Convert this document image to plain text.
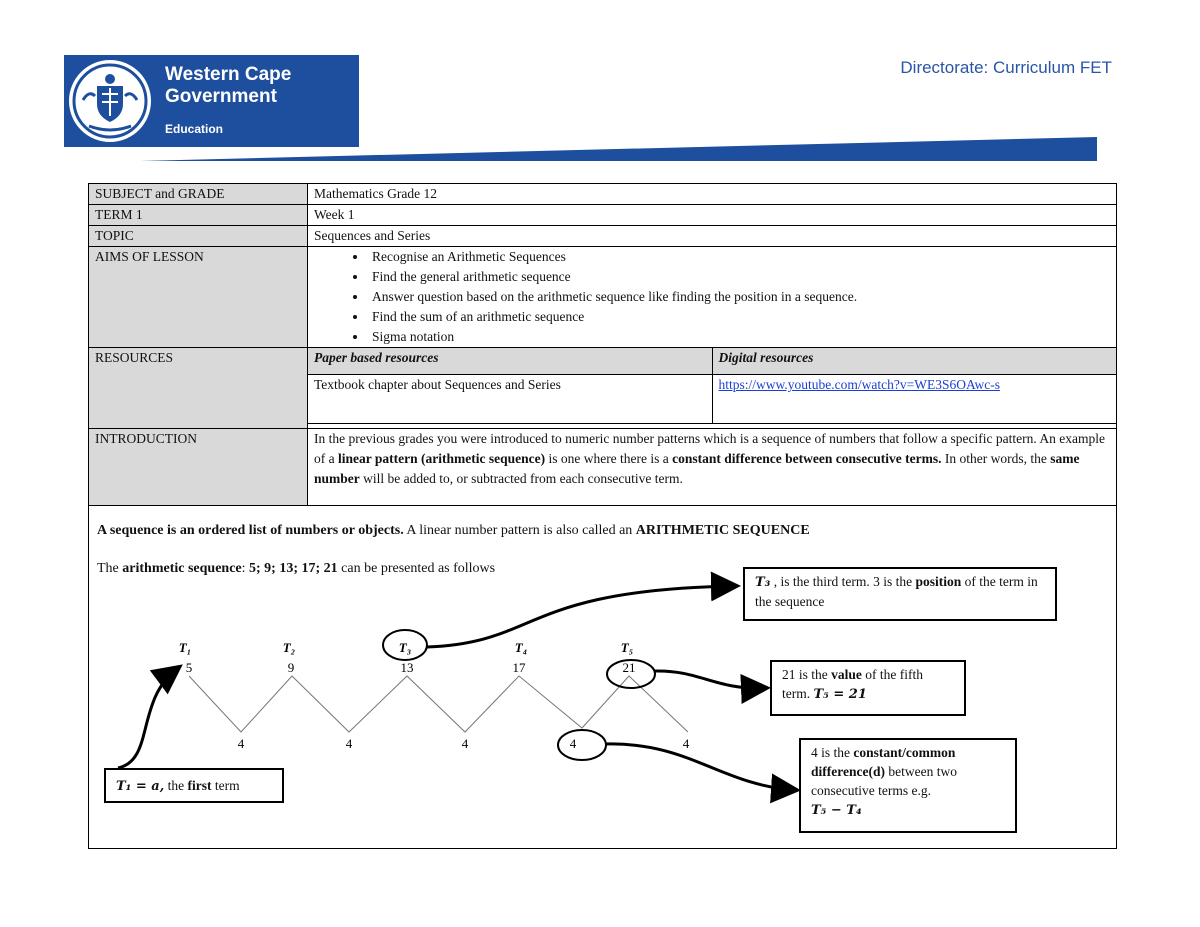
Western Cape
Government
Education
Directorate: Curriculum FET
SUBJECT and GRADE	Mathematics Grade 12
TERM 1	Week 1
TOPIC	Sequences and Series
AIMS OF LESSON	
•Recognise an Arithmetic Sequences
• Find the general arithmetic sequence
• Answer question based on the arithmetic sequence like finding the position in a sequence.
• Find the sum of an arithmetic sequence
• Sigma notation

RESOURCES		Paper based resources	Digital resources
Textbook chapter about Sequences and Series	https://www.youtube.com/watch?v=WE3S6OAwc-s

INTRODUCTION	In the previous grades you were introduced to numeric number patterns which is a sequence of numbers that follow a specific pattern. An example of a linear pattern (arithmetic sequence) is one where there is a constant difference between consecutive terms. In other words, the same number will be added to, or subtracted from each consecutive term.
A sequence is an ordered list of numbers or objects. A linear number pattern is also called an ARITHMETIC SEQUENCE
The arithmetic sequence: 5; 9; 13; 17; 21 can be presented as follows
T₁	T₂	T₃	T₄	T₅
5	9	13	17	21
4	4	4	4	4
T₃ , is the third term. 3 is the position of the term in the sequence
21 is the value of the fifth term. T₅ = 21
4 is the constant/common difference(d) between two consecutive terms e.g.
T₅ − T₄
T₁ = a, the first term
